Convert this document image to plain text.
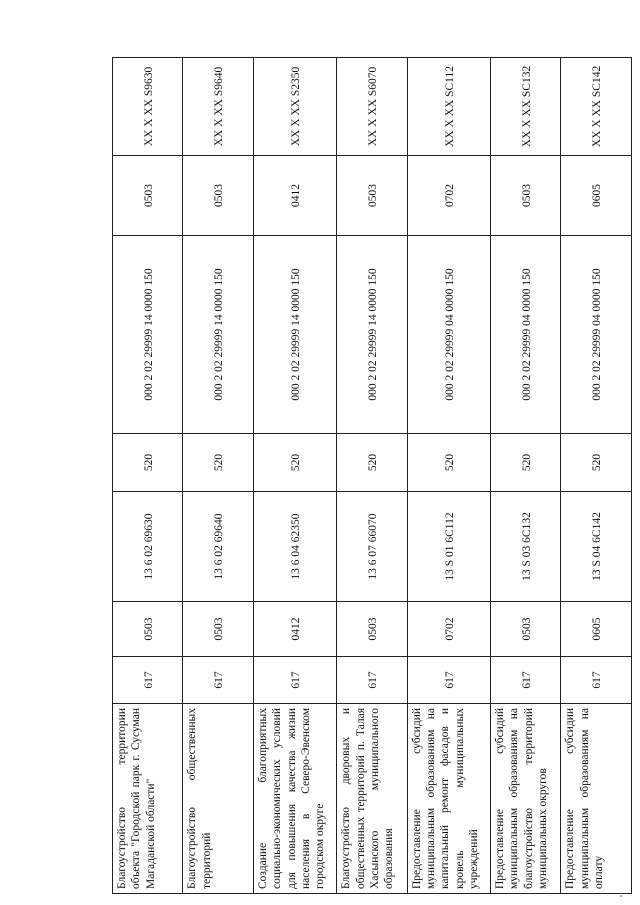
Благоустройство территории объекта "Городской парк г. Сусуман Магаданской области"	617	0503	13 6 02 69630	520	000 2 02 29999 14 0000 150	0503	XX X XX S9630
Благоустройство общественных территорий	617	0503	13 6 02 69640	520	000 2 02 29999 14 0000 150	0503	XX X XX S9640
Создание благоприятных социально-экономических условий для повышения качества жизни населения в Северо-Эвенском городском округе	617	0412	13 6 04 62350	520	000 2 02 29999 14 0000 150	0412	XX X XX S2350
Благоустройство дворовых и общественных территорий п. Талая Хасынского муниципального образования	617	0503	13 6 07 66070	520	000 2 02 29999 14 0000 150	0503	XX X XX S6070
Предоставление субсидий муниципальным образованиям на капитальный ремонт фасадов и кровель муниципальных учреждений	617	0702	13 S 01 6С112	520	000 2 02 29999 04 0000 150	0702	XX X XX SС112
Предоставление субсидий муниципальным образованиям на благоустройство территорий муниципальных округов	617	0503	13 S 03 6С132	520	000 2 02 29999 04 0000 150	0503	XX X XX SС132
Предоставление субсидии муниципальным образованиям на оплату	617	0605	13 S 04 6С142	520	000 2 02 29999 04 0000 150	0605	XX X XX SС142
